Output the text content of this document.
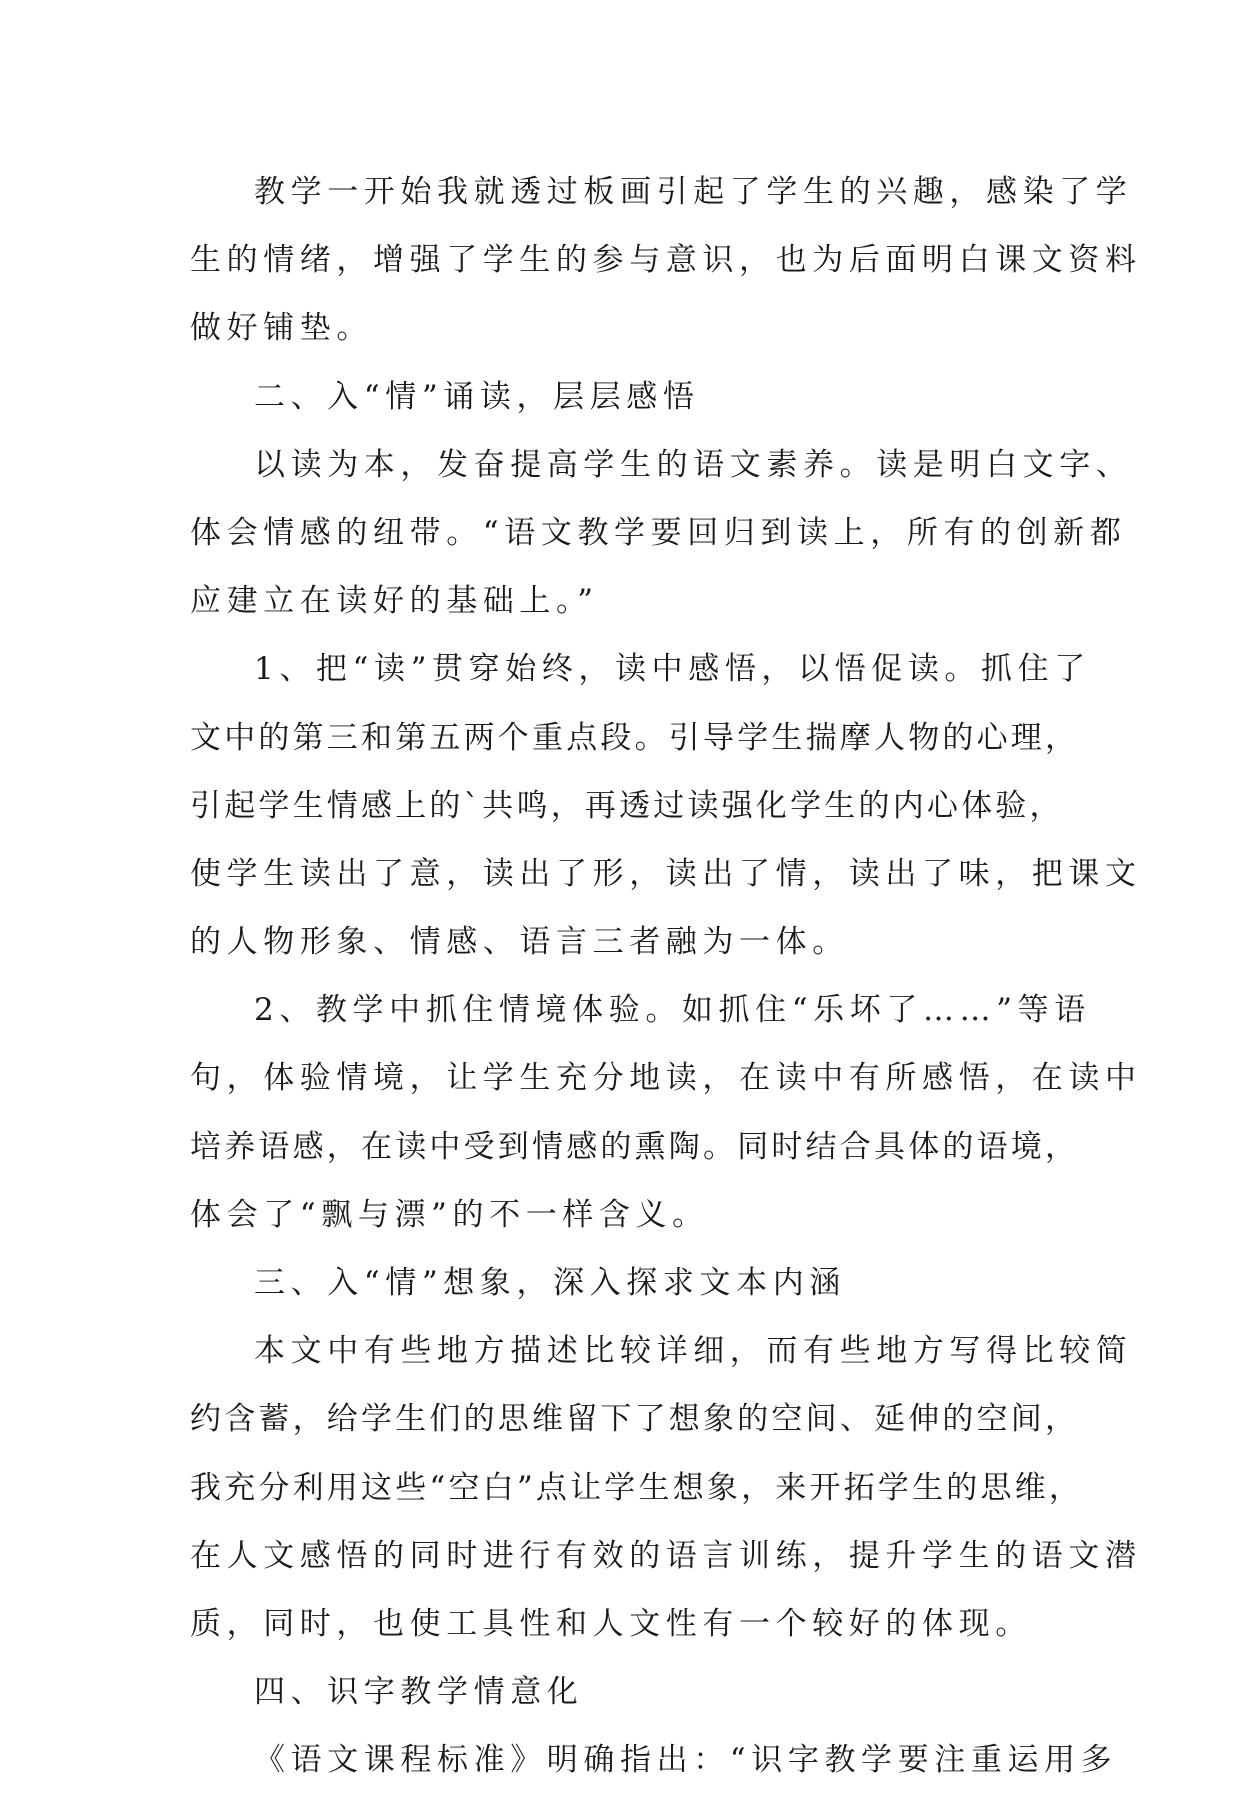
教学一开始我就透过板画引起了学生的兴趣，感染了学
生的情绪，增强了学生的参与意识，也为后面明白课文资料
做好铺垫。
二、入“情”诵读，层层感悟
以读为本，发奋提高学生的语文素养。读是明白文字、
体会情感的纽带。“语文教学要回归到读上，所有的创新都
应建立在读好的基础上。”
1、把“读”贯穿始终，读中感悟，以悟促读。抓住了
文中的第三和第五两个重点段。引导学生揣摩人物的心理，
引起学生情感上的`共鸣，再透过读强化学生的内心体验，
使学生读出了意，读出了形，读出了情，读出了味，把课文
的人物形象、情感、语言三者融为一体。
2、教学中抓住情境体验。如抓住“乐坏了……”等语
句，体验情境，让学生充分地读，在读中有所感悟，在读中
培养语感，在读中受到情感的熏陶。同时结合具体的语境，
体会了“飘与漂”的不一样含义。
三、入“情”想象，深入探求文本内涵
本文中有些地方描述比较详细，而有些地方写得比较简
约含蓄，给学生们的思维留下了想象的空间、延伸的空间，
我充分利用这些“空白”点让学生想象，来开拓学生的思维，
在人文感悟的同时进行有效的语言训练，提升学生的语文潜
质，同时，也使工具性和人文性有一个较好的体现。
四、识字教学情意化
《语文课程标准》明确指出：“识字教学要注重运用多
